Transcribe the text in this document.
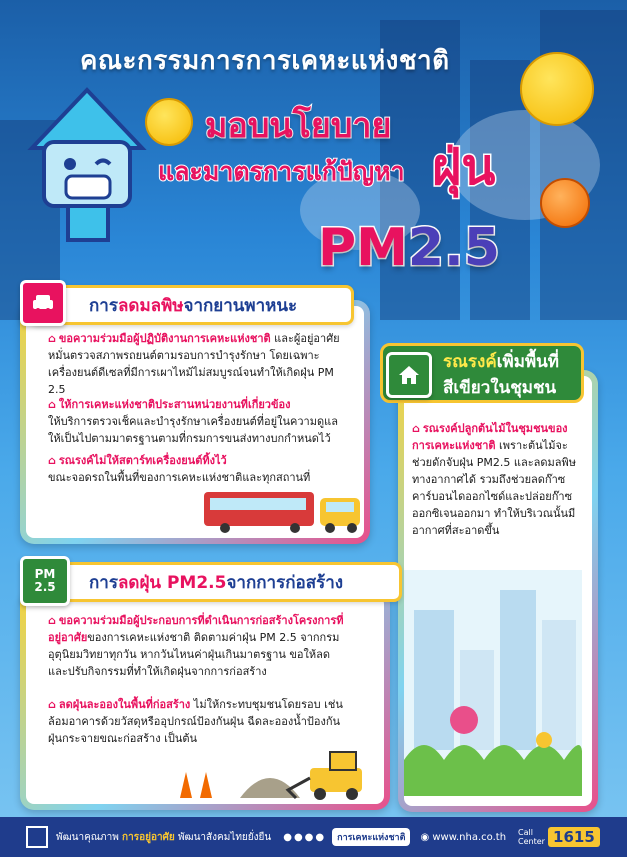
คณะกรรมการการเคหะแห่งชาติ
มอบนโยบาย
และมาตรการแก้ปัญหา ฝุ่น
PM2.5
การ ลดมลพิษ จากยานพาหนะ
⌂ ขอความร่วมมือผู้ปฏิบัติงานการเคหะแห่งชาติ และผู้อยู่อาศัย หมั่นตรวจสภาพรถยนต์ตามรอบการบำรุงรักษา โดยเฉพาะเครื่องยนต์ดีเซลที่มีการเผาไหม้ไม่สมบูรณ์จนทำให้เกิดฝุ่น PM 2.5
⌂ ให้การเคหะแห่งชาติประสานหน่วยงานที่เกี่ยวข้อง
ให้บริการตรวจเช็คและบำรุงรักษาเครื่องยนต์ที่อยู่ในความดูแล ให้เป็นไปตามมาตรฐานตามที่กรมการขนส่งทางบกกำหนดไว้
⌂ รณรงค์ไม่ให้สตาร์ทเครื่องยนต์ทิ้งไว้
ขณะจอดรถในพื้นที่ของการเคหะแห่งชาติและทุกสถานที่
รณรงค์เพิ่มพื้นที่
สีเขียวในชุมชน
⌂ รณรงค์ปลูกต้นไม้ในชุมชนของ
การเคหะแห่งชาติ เพราะต้นไม้จะช่วยดักจับฝุ่น PM2.5 และลดมลพิษทางอากาศได้ รวมถึงช่วยลดก๊าซคาร์บอนไดออกไซด์และปล่อยก๊าซออกซิเจนออกมา ทำให้บริเวณนั้นมีอากาศที่สะอาดขึ้น
การ ลดฝุ่น PM2.5 จากการก่อสร้าง
PM
2.5
⌂ ขอความร่วมมือผู้ประกอบการที่ดำเนินการก่อสร้างโครงการที่อยู่อาศัยของการเคหะแห่งชาติ ติดตามค่าฝุ่น PM 2.5 จากกรมอุตุนิยมวิทยาทุกวัน หากวันไหนค่าฝุ่นเกินมาตรฐาน ขอให้ลดและปรับกิจกรรมที่ทำให้เกิดฝุ่นจากการก่อสร้าง
⌂ ลดฝุ่นละอองในพื้นที่ก่อสร้าง ไม่ให้กระทบชุมชนโดยรอบ เช่น ล้อมอาคารด้วยวัสดุหรืออุปกรณ์ป้องกันฝุ่น ฉีดละอองน้ำป้องกันฝุ่นกระจายขณะก่อสร้าง เป็นต้น
พัฒนาคุณภาพ การอยู่อาศัย พัฒนาสังคมไทยยั่งยืน ●●●●	การเคหะแห่งชาติ	◉ www.nha.co.th Call Center 1615
